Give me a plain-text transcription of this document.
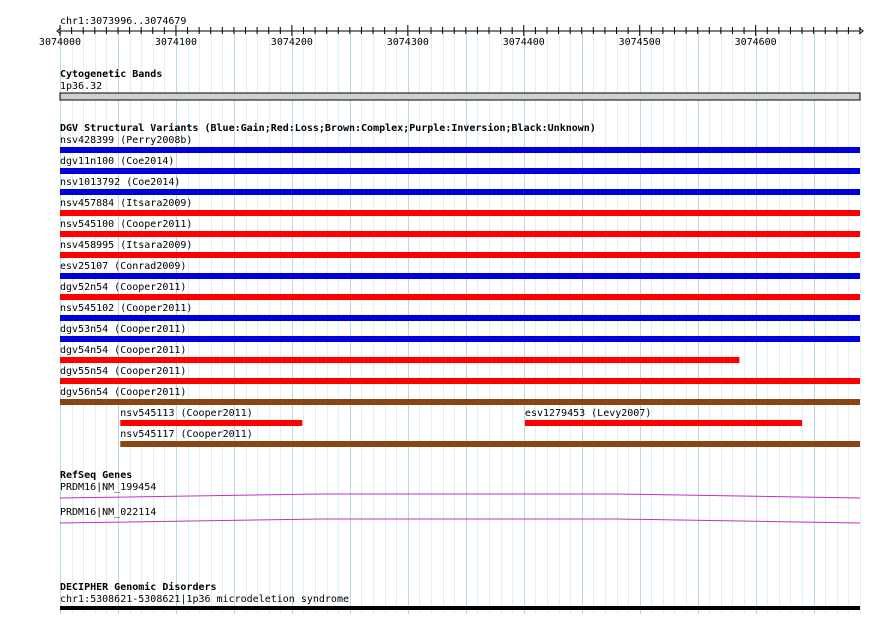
chr1:3073996..3074679
3074000	3074100	3074200	3074300	3074400	3074500	3074600
Cytogenetic Bands
1p36.32
DGV Structural Variants (Blue:Gain;Red:Loss;Brown:Complex;Purple:Inversion;Black:Unknown)
nsv428399 (Perry2008b)
dgv11n100 (Coe2014)
nsv1013792 (Coe2014)
nsv457884 (Itsara2009)
nsv545100 (Cooper2011)
nsv458995 (Itsara2009)
esv25107 (Conrad2009)
dgv52n54 (Cooper2011)
nsv545102 (Cooper2011)
dgv53n54 (Cooper2011)
dgv54n54 (Cooper2011)
dgv55n54 (Cooper2011)
dgv56n54 (Cooper2011)
nsv545113 (Cooper2011)	esv1279453 (Levy2007)
nsv545117 (Cooper2011)
RefSeq Genes
PRDM16|NM_199454
PRDM16|NM_022114
DECIPHER Genomic Disorders
chr1:5308621-5308621|1p36 microdeletion syndrome
